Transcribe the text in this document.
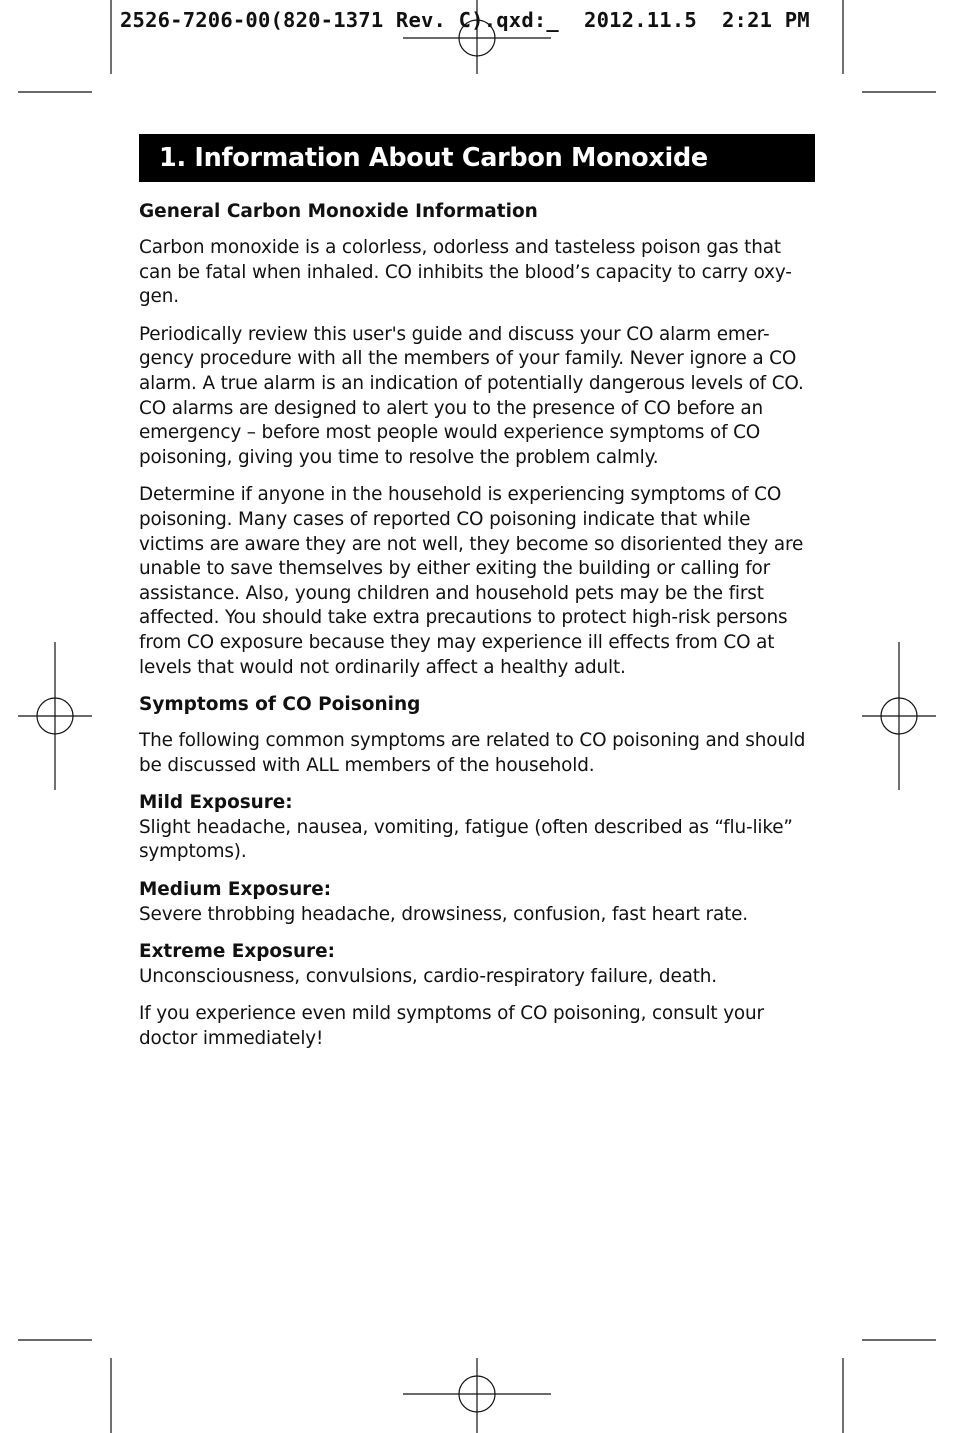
2526-7206-00(820-1371 Rev. C).qxd:_  2012.11.5  2:21 PM
1. Information About Carbon Monoxide
General Carbon Monoxide Information

Carbon monoxide is a colorless, odorless and tasteless poison gas that can be fatal when inhaled. CO inhibits the blood’s capacity to carry oxy-gen.

Periodically review this user's guide and discuss your CO alarm emer-gency procedure with all the members of your family. Never ignore a CO alarm. A true alarm is an indication of potentially dangerous levels of CO. CO alarms are designed to alert you to the presence of CO before an emergency – before most people would experience symptoms of CO poisoning, giving you time to resolve the problem calmly.

Determine if anyone in the household is experiencing symptoms of CO poisoning. Many cases of reported CO poisoning indicate that while victims are aware they are not well, they become so disoriented they are unable to save themselves by either exiting the building or calling for assistance. Also, young children and household pets may be the first affected. You should take extra precautions to protect high-risk persons from CO exposure because they may experience ill effects from CO at levels that would not ordinarily affect a healthy adult.

Symptoms of CO Poisoning

The following common symptoms are related to CO poisoning and should be discussed with ALL members of the household.

Mild Exposure:

Slight headache, nausea, vomiting, fatigue (often described as “flu-like” symptoms).

Medium Exposure:

Severe throbbing headache, drowsiness, confusion, fast heart rate.

Extreme Exposure:

Unconsciousness, convulsions, cardio-respiratory failure, death.

If you experience even mild symptoms of CO poisoning, consult your doctor immediately!
